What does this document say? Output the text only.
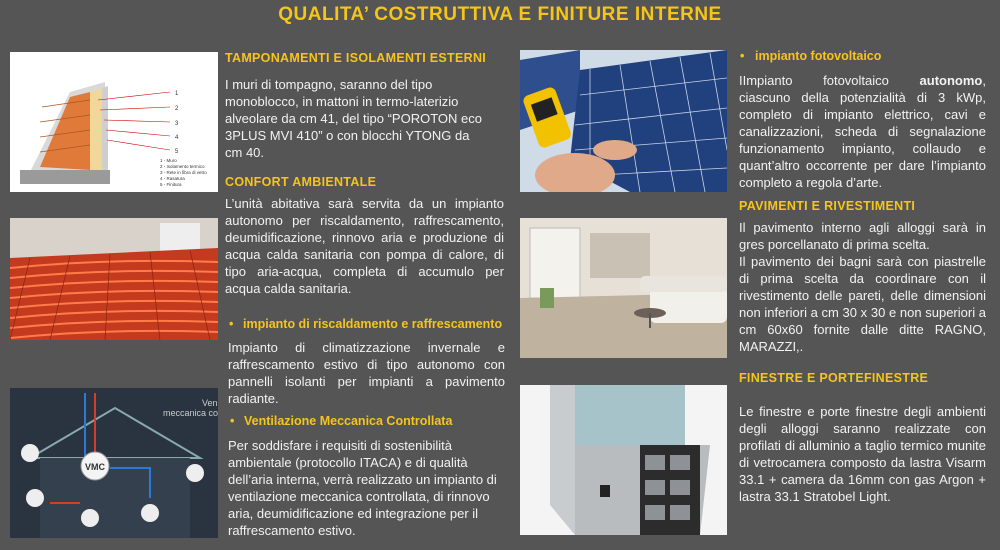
QUALITA’ COSTRUTTIVA E FINITURE INTERNE
1
2
3
4
5
1 - Muro
2 - Isolamento termico
3 - Rete in fibra di vetro
4 - Rasatura
5 - Finitura
VMC
Ven
meccanica co
TAMPONAMENTI E ISOLAMENTI ESTERNI
I muri di tompagno, saranno del tipo monoblocco, in mattoni in termo-laterizio alveolare da cm 41, del tipo “POROTON eco 3PLUS MVI 410” o con blocchi YTONG da cm 40.
CONFORT AMBIENTALE
L’unità abitativa sarà servita da un impianto autonomo per riscaldamento, raffrescamento, deumidificazione, rinnovo aria e produzione di acqua calda sanitaria con pompa di calore, di tipo aria-acqua, completa di accumulo per acqua calda sanitaria.
• impianto di riscaldamento e raffrescamento
Impianto di climatizzazione invernale e raffrescamento estivo di tipo autonomo con pannelli isolanti per impianti a pavimento radiante.
• Ventilazione Meccanica Controllata
Per soddisfare i requisiti di sostenibilità ambientale (protocollo ITACA) e di qualità dell’aria interna, verrà realizzato un impianto di ventilazione meccanica controllata, di rinnovo aria, deumidificazione ed integrazione per il raffrescamento estivo.
• impianto fotovoltaico
IImpianto fotovoltaico autonomo, ciascuno della potenzialità di 3 kWp, completo di impianto elettrico, cavi e canalizzazioni, scheda di segnalazione funzionamento impianto, collaudo e quant’altro occorrente per dare l’impianto completo a regola d’arte.
PAVIMENTI E RIVESTIMENTI
Il pavimento interno agli alloggi sarà in gres porcellanato di prima scelta.
Il pavimento dei bagni sarà con piastrelle di prima scelta da coordinare con il rivestimento delle pareti, delle dimensioni non inferiori a cm 30 x 30 e non superiori a cm 60x60 fornite dalle ditte RAGNO, MARAZZI,.
FINESTRE E PORTEFINESTRE
Le finestre e porte finestre degli ambienti degli alloggi saranno realizzate con profilati di alluminio a taglio termico munite di vetrocamera composto da lastra Visarm 33.1 + camera da 16mm con gas Argon + lastra 33.1 Stratobel Light.
